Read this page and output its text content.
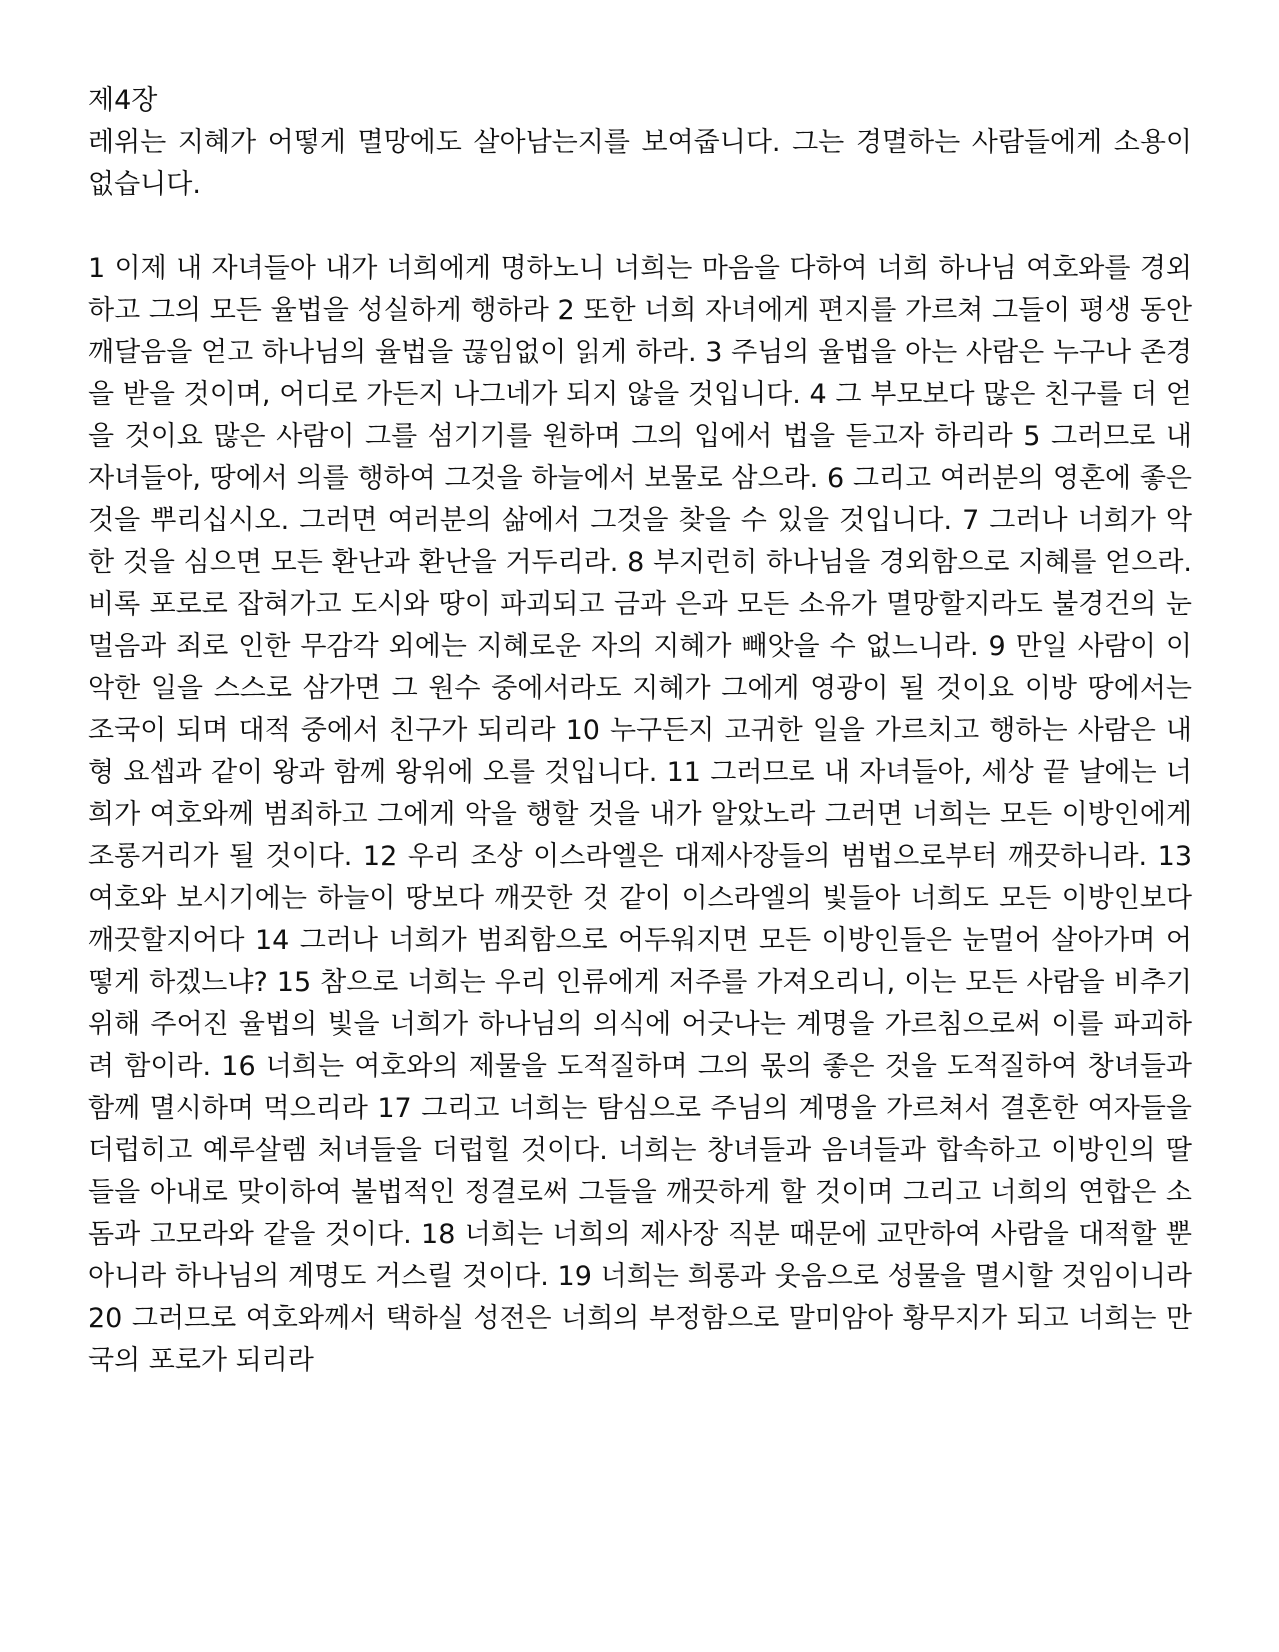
제4장

레위는 지혜가 어떻게 멸망에도 살아남는지를 보여줍니다. 그는 경멸하는 사람들에게 소용이 없습니다.

1 이제 내 자녀들아 내가 너희에게 명하노니 너희는 마음을 다하여 너희 하나님 여호와를 경외하고 그의 모든 율법을 성실하게 행하라 2 또한 너희 자녀에게 편지를 가르쳐 그들이 평생 동안 깨달음을 얻고 하나님의 율법을 끊임없이 읽게 하라. 3 주님의 율법을 아는 사람은 누구나 존경을 받을 것이며, 어디로 가든지 나그네가 되지 않을 것입니다. 4 그 부모보다 많은 친구를 더 얻을 것이요 많은 사람이 그를 섬기기를 원하며 그의 입에서 법을 듣고자 하리라 5 그러므로 내 자녀들아, 땅에서 의를 행하여 그것을 하늘에서 보물로 삼으라. 6 그리고 여러분의 영혼에 좋은 것을 뿌리십시오. 그러면 여러분의 삶에서 그것을 찾을 수 있을 것입니다. 7 그러나 너희가 악한 것을 심으면 모든 환난과 환난을 거두리라. 8 부지런히 하나님을 경외함으로 지혜를 얻으라. 비록 포로로 잡혀가고 도시와 땅이 파괴되고 금과 은과 모든 소유가 멸망할지라도 불경건의 눈멀음과 죄로 인한 무감각 외에는 지혜로운 자의 지혜가 빼앗을 수 없느니라. 9 만일 사람이 이 악한 일을 스스로 삼가면 그 원수 중에서라도 지혜가 그에게 영광이 될 것이요 이방 땅에서는 조국이 되며 대적 중에서 친구가 되리라 10 누구든지 고귀한 일을 가르치고 행하는 사람은 내 형 요셉과 같이 왕과 함께 왕위에 오를 것입니다. 11 그러므로 내 자녀들아, 세상 끝 날에는 너희가 여호와께 범죄하고 그에게 악을 행할 것을 내가 알았노라 그러면 너희는 모든 이방인에게 조롱거리가 될 것이다. 12 우리 조상 이스라엘은 대제사장들의 범법으로부터 깨끗하니라. 13 여호와 보시기에는 하늘이 땅보다 깨끗한 것 같이 이스라엘의 빛들아 너희도 모든 이방인보다 깨끗할지어다 14 그러나 너희가 범죄함으로 어두워지면 모든 이방인들은 눈멀어 살아가며 어떻게 하겠느냐? 15 참으로 너희는 우리 인류에게 저주를 가져오리니, 이는 모든 사람을 비추기 위해 주어진 율법의 빛을 너희가 하나님의 의식에 어긋나는 계명을 가르침으로써 이를 파괴하려 함이라. 16 너희는 여호와의 제물을 도적질하며 그의 몫의 좋은 것을 도적질하여 창녀들과 함께 멸시하며 먹으리라 17 그리고 너희는 탐심으로 주님의 계명을 가르쳐서 결혼한 여자들을 더럽히고 예루살렘 처녀들을 더럽힐 것이다. 너희는 창녀들과 음녀들과 합속하고 이방인의 딸들을 아내로 맞이하여 불법적인 정결로써 그들을 깨끗하게 할 것이며 그리고 너희의 연합은 소돔과 고모라와 같을 것이다. 18 너희는 너희의 제사장 직분 때문에 교만하여 사람을 대적할 뿐 아니라 하나님의 계명도 거스릴 것이다. 19 너희는 희롱과 웃음으로 성물을 멸시할 것임이니라 20 그러므로 여호와께서 택하실 성전은 너희의 부정함으로 말미암아 황무지가 되고 너희는 만국의 포로가 되리라
